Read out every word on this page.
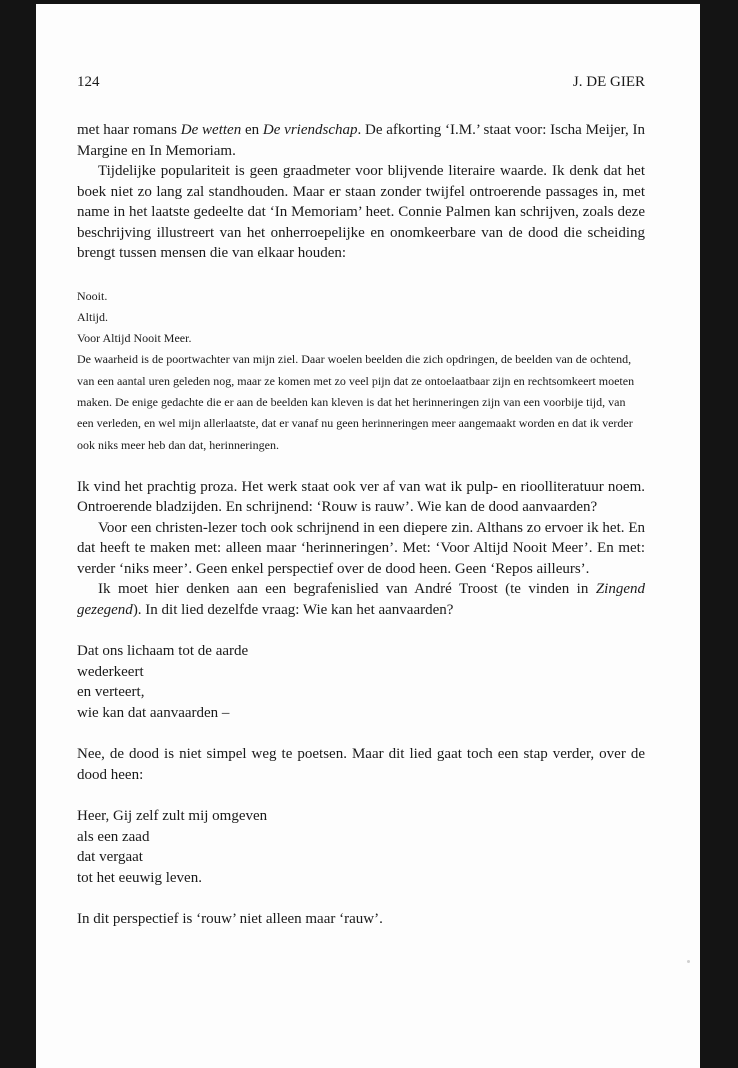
124	J. DE GIER

met haar romans De wetten en De vriendschap. De afkorting ‘I.M.’ staat voor: Ischa Meijer, In Margine en In Memoriam.

Tijdelijke populariteit is geen graadmeter voor blijvende literaire waarde. Ik denk dat het boek niet zo lang zal standhouden. Maar er staan zonder twijfel ontroerende passages in, met name in het laatste gedeelte dat ‘In Memoriam’ heet. Connie Palmen kan schrijven, zoals deze beschrijving illustreert van het onherroepelijke en onomkeerbare van de dood die scheiding brengt tussen mensen die van elkaar houden:

Nooit.
Altijd.
Voor Altijd Nooit Meer.

De waarheid is de poortwachter van mijn ziel. Daar woelen beelden die zich opdringen, de beelden van de ochtend, van een aantal uren geleden nog, maar ze komen met zo veel pijn dat ze ontoelaatbaar zijn en rechtsomkeert moeten maken. De enige gedachte die er aan de beelden kan kleven is dat het herinneringen zijn van een voorbije tijd, van een verleden, en wel mijn allerlaatste, dat er vanaf nu geen herinneringen meer aangemaakt worden en dat ik verder ook niks meer heb dan dat, herinneringen.

Ik vind het prachtig proza. Het werk staat ook ver af van wat ik pulp- en rioolliteratuur noem. Ontroerende bladzijden. En schrijnend: ‘Rouw is rauw’. Wie kan de dood aanvaarden?

Voor een christen-lezer toch ook schrijnend in een diepere zin. Althans zo ervoer ik het. En dat heeft te maken met: alleen maar ‘herinneringen’. Met: ‘Voor Altijd Nooit Meer’. En met: verder ‘niks meer’. Geen enkel perspectief over de dood heen. Geen ‘Repos ailleurs’.

Ik moet hier denken aan een begrafenislied van André Troost (te vinden in Zingend gezegend). In dit lied dezelfde vraag: Wie kan het aanvaarden?

Dat ons lichaam tot de aarde
wederkeert
en verteert,
wie kan dat aanvaarden –

Nee, de dood is niet simpel weg te poetsen. Maar dit lied gaat toch een stap verder, over de dood heen:

Heer, Gij zelf zult mij omgeven
als een zaad
dat vergaat
tot het eeuwig leven.

In dit perspectief is ‘rouw’ niet alleen maar ‘rauw’.
